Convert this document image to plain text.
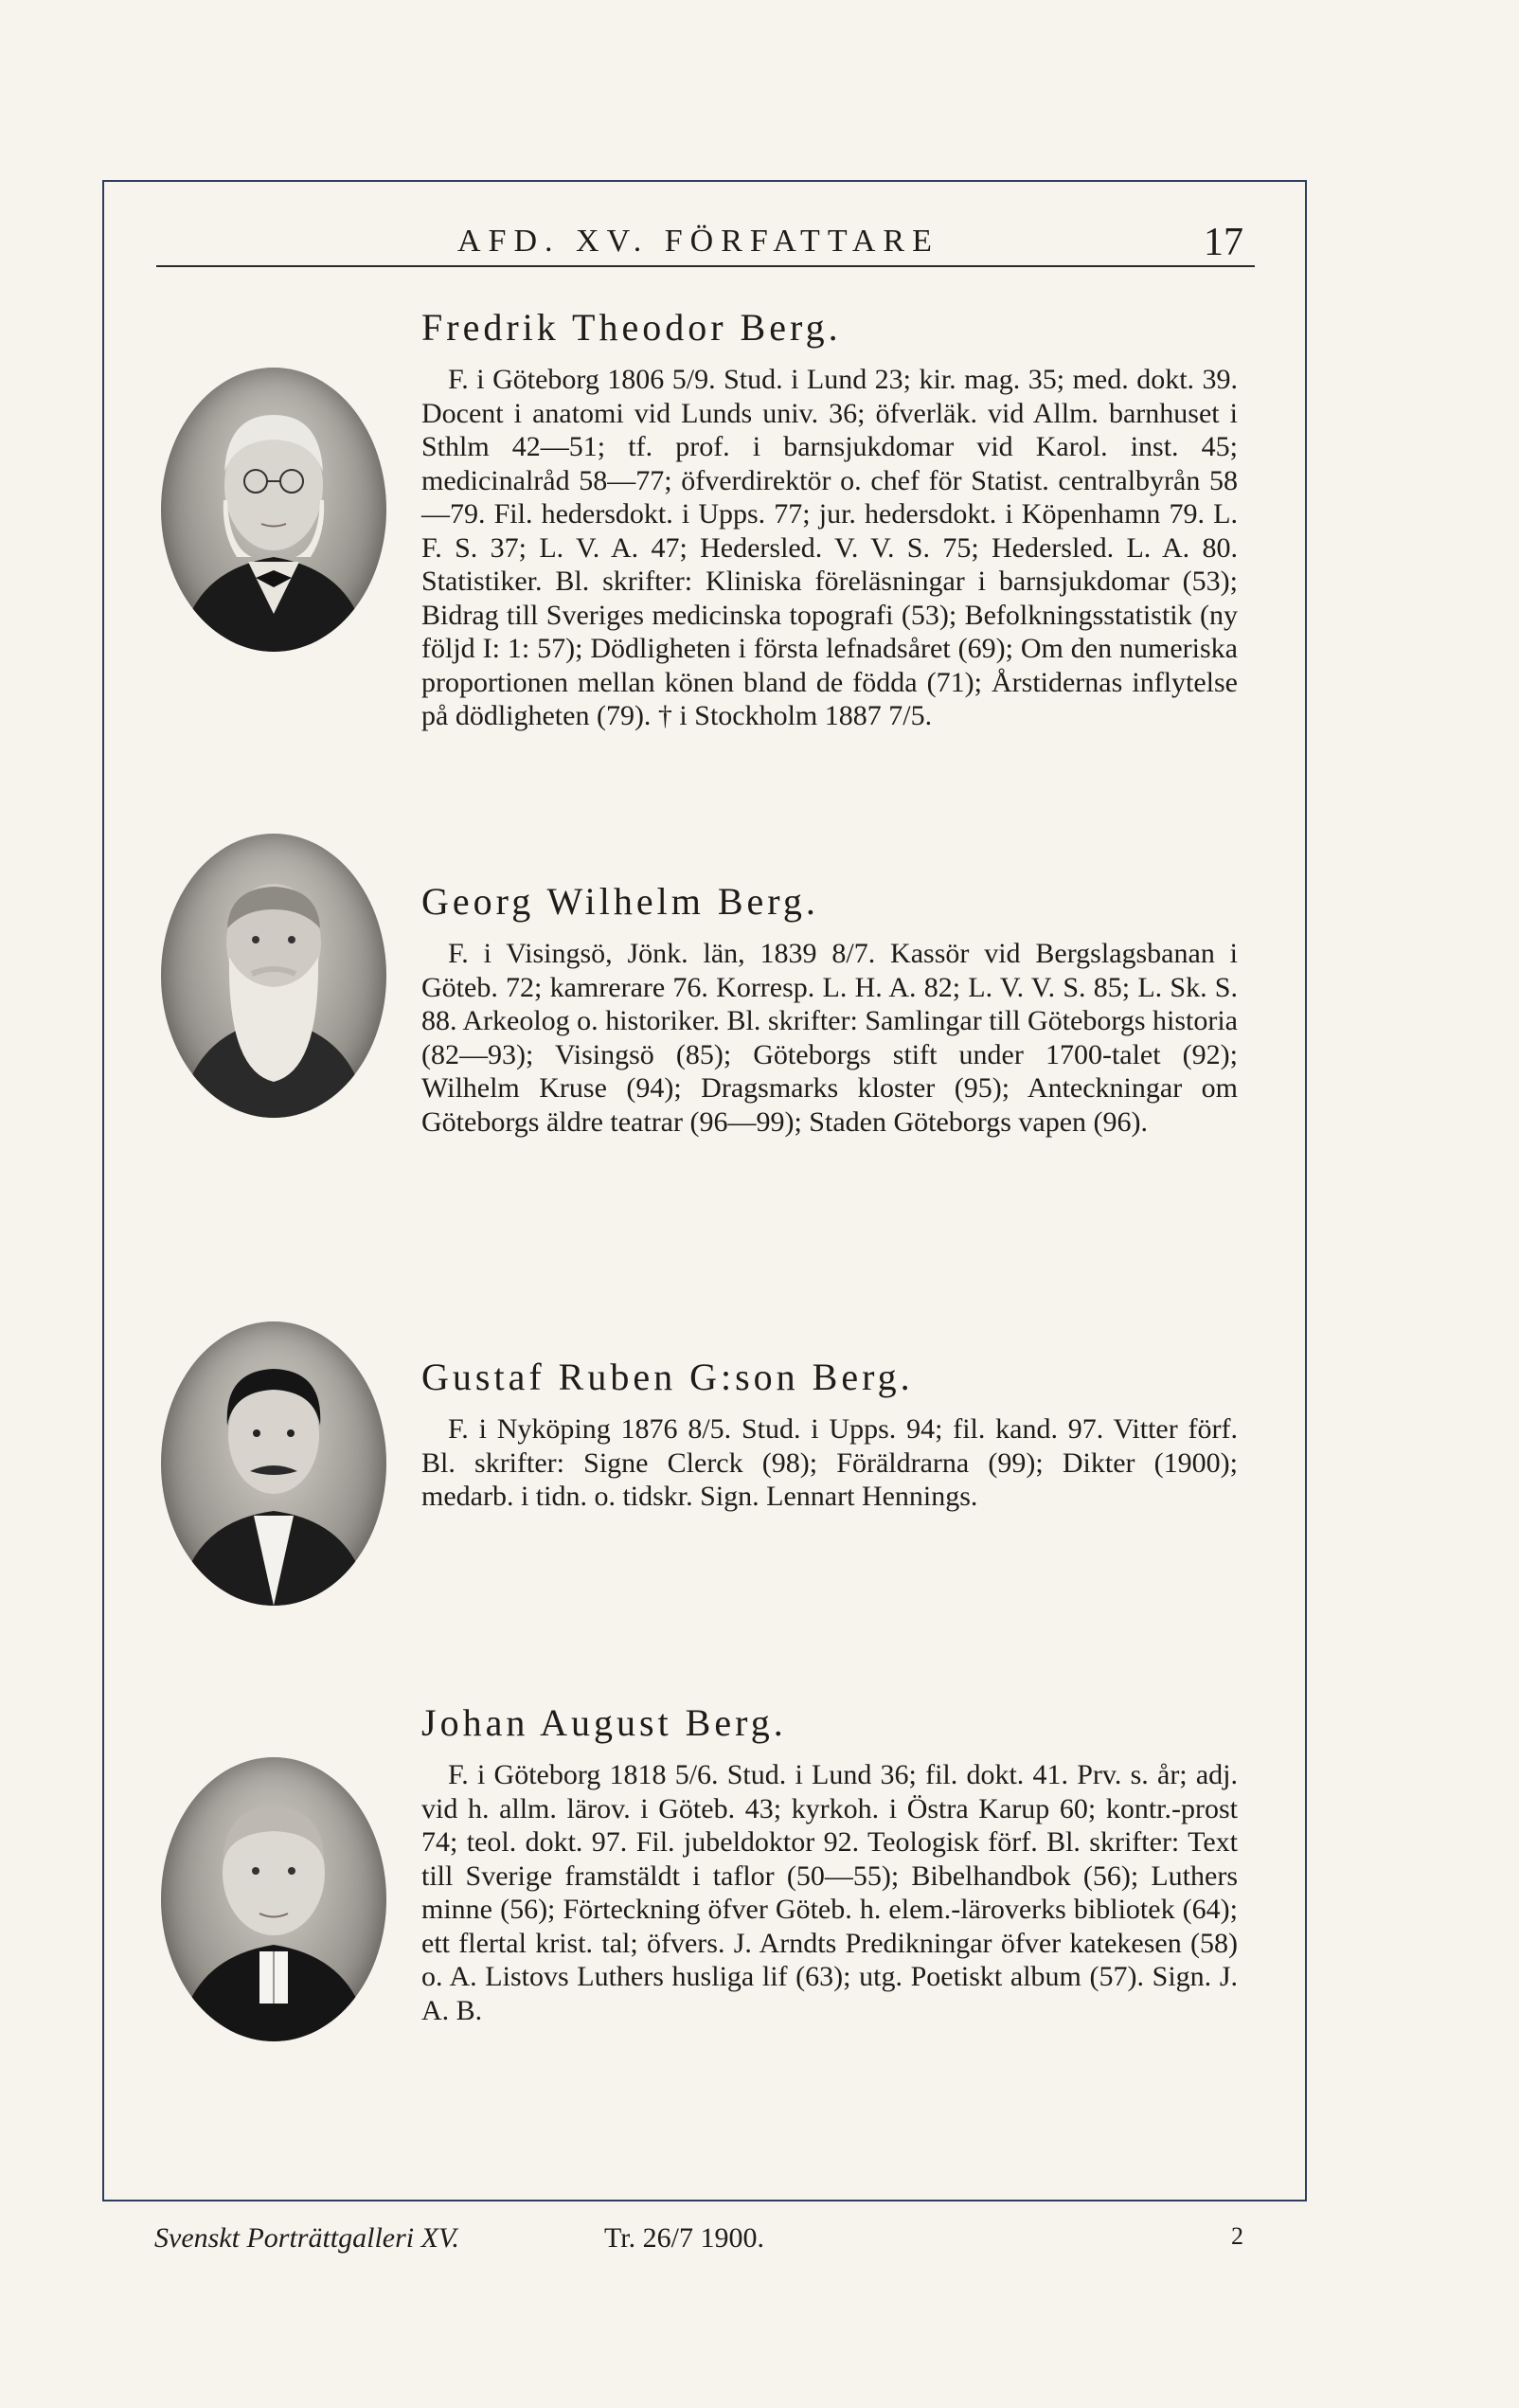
AFD. XV. FÖRFATTARE	17
Fredrik Theodor Berg.

F. i Göteborg 1806 5/9. Stud. i Lund 23; kir. mag. 35; med. dokt. 39. Docent i anatomi vid Lunds univ. 36; öfverläk. vid Allm. barnhuset i Sthlm 42—51; tf. prof. i barnsjukdomar vid Karol. inst. 45; medicinalråd 58—77; öfverdirektör o. chef för Statist. centralbyrån 58—79. Fil. hedersdokt. i Upps. 77; jur. hedersdokt. i Köpenhamn 79. L. F. S. 37; L. V. A. 47; Hedersled. V. V. S. 75; Hedersled. L. A. 80. Statistiker. Bl. skrifter: Kliniska föreläsningar i barnsjukdomar (53); Bidrag till Sveriges medicinska topografi (53); Befolkningsstatistik (ny följd I: 1: 57); Dödligheten i första lefnadsåret (69); Om den numeriska proportionen mellan könen bland de födda (71); Årstidernas inflytelse på dödligheten (79). † i Stockholm 1887 7/5.

Georg Wilhelm Berg.

F. i Visingsö, Jönk. län, 1839 8/7. Kassör vid Bergslagsbanan i Göteb. 72; kamrerare 76. Korresp. L. H. A. 82; L. V. V. S. 85; L. Sk. S. 88. Arkeolog o. historiker. Bl. skrifter: Samlingar till Göteborgs historia (82—93); Visingsö (85); Göteborgs stift under 1700-talet (92); Wilhelm Kruse (94); Dragsmarks kloster (95); Anteckningar om Göteborgs äldre teatrar (96—99); Staden Göteborgs vapen (96).

Gustaf Ruben G:son Berg.

F. i Nyköping 1876 8/5. Stud. i Upps. 94; fil. kand. 97. Vitter förf. Bl. skrifter: Signe Clerck (98); Föräldrarna (99); Dikter (1900); medarb. i tidn. o. tidskr. Sign. Lennart Hennings.

Johan August Berg.

F. i Göteborg 1818 5/6. Stud. i Lund 36; fil. dokt. 41. Prv. s. år; adj. vid h. allm. lärov. i Göteb. 43; kyrkoh. i Östra Karup 60; kontr.-prost 74; teol. dokt. 97. Fil. jubeldoktor 92. Teologisk förf. Bl. skrifter: Text till Sverige framstäldt i taflor (50—55); Bibelhandbok (56); Luthers minne (56); Förteckning öfver Göteb. h. elem.-läroverks bibliotek (64); ett flertal krist. tal; öfvers. J. Arndts Predikningar öfver katekesen (58) o. A. Listovs Luthers husliga lif (63); utg. Poetiskt album (57). Sign. J. A. B.

Svenskt Porträttgalleri XV.	Tr. 26/7 1900.	2
